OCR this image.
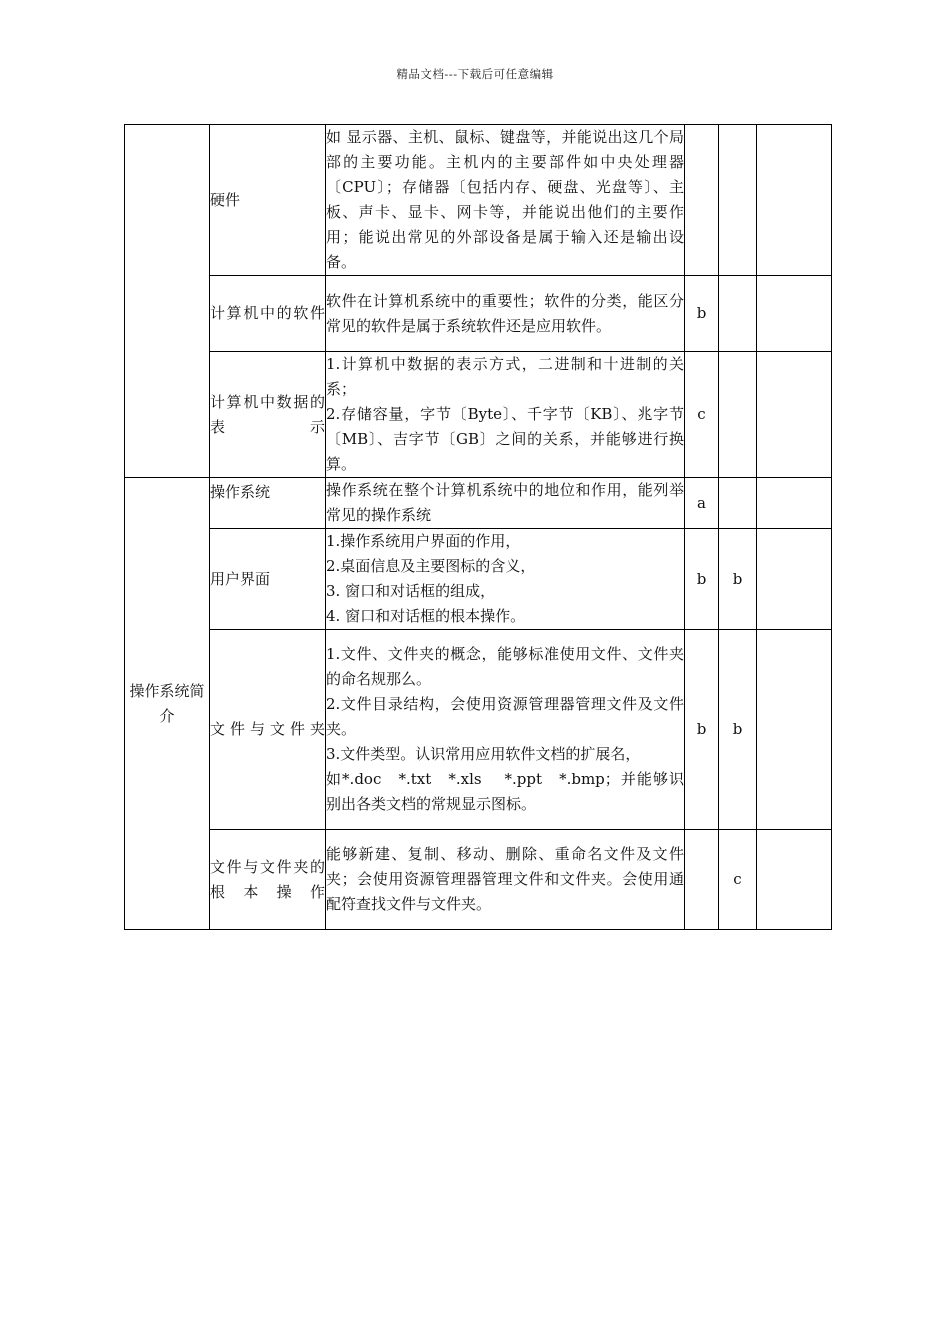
精品文档---下载后可任意编辑
	硬件	如 显示器、主机、鼠标、键盘等，并能说出这几个局部的主要功能。主机内的主要部件如中央处理器〔CPU〕；存储器〔包括内存、硬盘、光盘等〕、主板、声卡、显卡、网卡等，并能说出他们的主要作用；能说出常见的外部设备是属于输入还是输出设备。			

	计算机中的软件	软件在计算机系统中的重要性；软件的分类，能区分常见的软件是属于系统软件还是应用软件。	b		
	计算机中数据的表示	1.计算机中数据的表示方式，二进制和十进制的关系；
2.存储容量，字节〔Byte〕、千字节〔KB〕、兆字节〔MB〕、吉字节〔GB〕之间的关系，并能够进行换算。	c		
操作系统简介	操作系统	操作系统在整个计算机系统中的地位和作用，能列举常见的操作系统	a		
	用户界面	1.操作系统用户界面的作用，
2.桌面信息及主要图标的含义，
3. 窗口和对话框的组成，
4. 窗口和对话框的根本操作。	b	b	
	文件与文件夹	1.文件、文件夹的概念，能够标准使用文件、文件夹的命名规那么。
2.文件目录结构，会使用资源管理器管理文件及文件夹。
3.文件类型。认识常用应用软件文档的扩展名，
如*.doc　*.txt　*.xls　 *.ppt　*.bmp；并能够识别出各类文档的常规显示图标。	b	b	
	文件与文件夹的根本操作	能够新建、复制、移动、删除、重命名文件及文件夹；会使用资源管理器管理文件和文件夹。会使用通配符查找文件与文件夹。		c	
